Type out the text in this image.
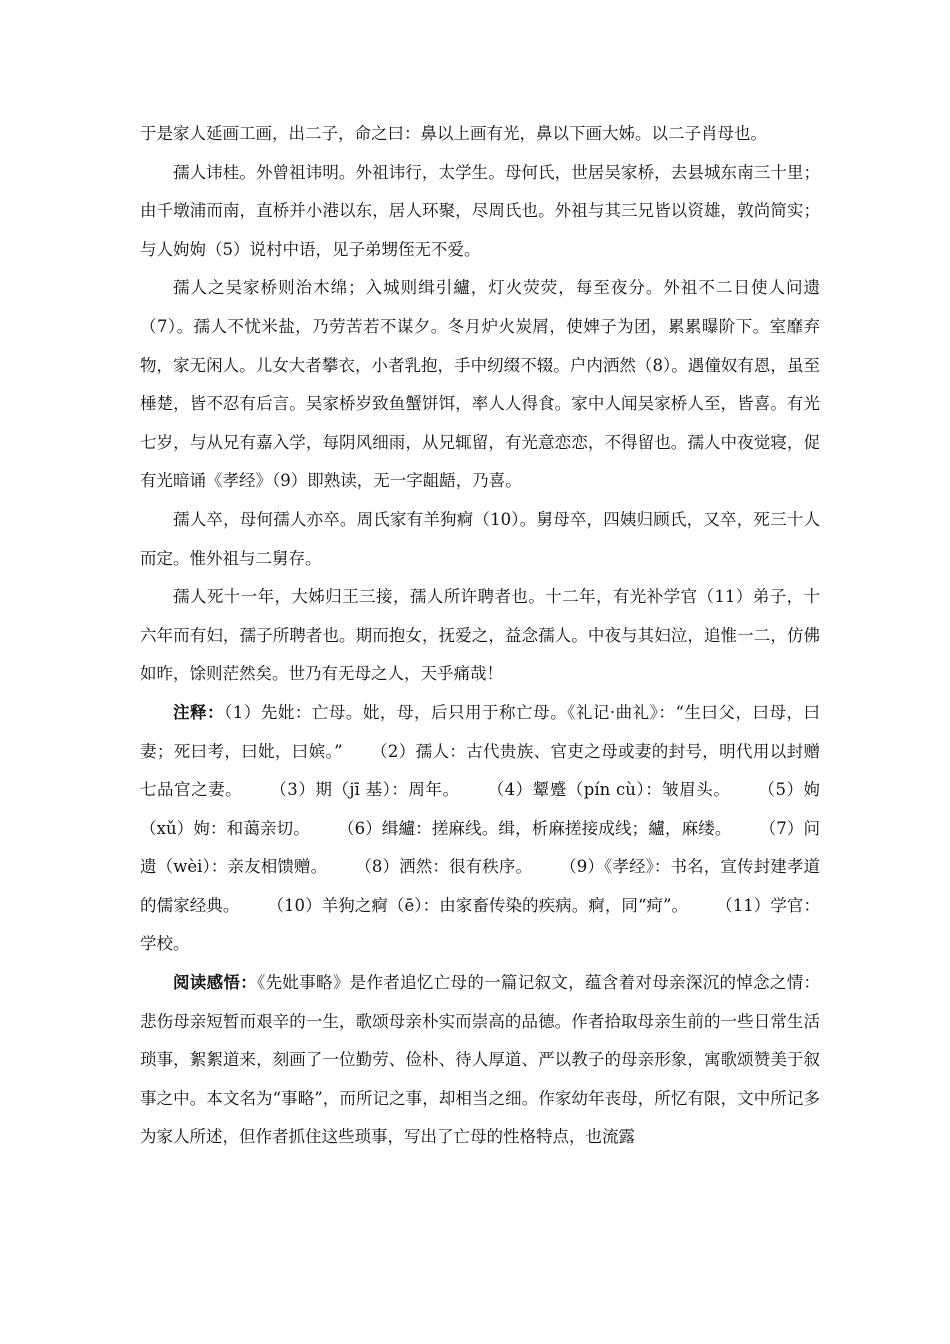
于是家人延画工画，出二子，命之曰：鼻以上画有光，鼻以下画大姊。以二子肖母也。

孺人讳桂。外曾祖讳明。外祖讳行，太学生。母何氏，世居吴家桥，去县城东南三十里；由千墩浦而南，直桥并小港以东，居人环聚，尽周氏也。外祖与其三兄皆以资雄，敦尚简实；与人姁姁（5）说村中语，见子弟甥侄无不爱。

孺人之吴家桥则治木绵；入城则缉引纑，灯火荧荧，每至夜分。外祖不二日使人问遗（7）。孺人不忧米盐，乃劳苦若不谋夕。冬月炉火炭屑，使婢子为团，累累曝阶下。室靡弃物，家无闲人。儿女大者攀衣，小者乳抱，手中纫缀不辍。户内洒然（8）。遇僮奴有恩，虽至棰楚，皆不忍有后言。吴家桥岁致鱼蟹饼饵，率人人得食。家中人闻吴家桥人至，皆喜。有光七岁，与从兄有嘉入学，每阴风细雨，从兄辄留，有光意恋恋，不得留也。孺人中夜觉寝，促有光暗诵《孝经》（9）即熟读，无一字龃龉，乃喜。

孺人卒，母何孺人亦卒。周氏家有羊狗痾（10）。舅母卒，四姨归顾氏，又卒，死三十人而定。惟外祖与二舅存。

孺人死十一年，大姊归王三接，孺人所许聘者也。十二年，有光补学官（11）弟子，十六年而有妇，孺子所聘者也。期而抱女，抚爱之，益念孺人。中夜与其妇泣，追惟一二，仿佛如昨，馀则茫然矣。世乃有无母之人，天乎痛哉！

注释：（1）先妣：亡母。妣，母，后只用于称亡母。《礼记·曲礼》：“生曰父，曰母，曰妻；死曰考，曰妣，曰嫔。” （2）孺人：古代贵族、官吏之母或妻的封号，明代用以封赠七品官之妻。 （3）期（jī 基）：周年。 （4）颦蹙（pín cù）：皱眉头。 （5）姁（xǔ）姁：和蔼亲切。 （6）缉纑：搓麻线。缉，析麻搓接成线；纑，麻缕。 （7）问遗（wèi）：亲友相馈赠。 （8）洒然：很有秩序。 （9）《孝经》：书名，宣传封建孝道的儒家经典。 （10）羊狗之痾（ē）：由家畜传染的疾病。痾，同“疴”。 （11）学官：学校。

阅读感悟：《先妣事略》是作者追忆亡母的一篇记叙文，蕴含着对母亲深沉的悼念之情：悲伤母亲短暂而艰辛的一生，歌颂母亲朴实而崇高的品德。作者拾取母亲生前的一些日常生活琐事，絮絮道来，刻画了一位勤劳、俭朴、待人厚道、严以教子的母亲形象，寓歌颂赞美于叙事之中。本文名为“事略”，而所记之事，却相当之细。作家幼年丧母，所忆有限，文中所记多为家人所述，但作者抓住这些琐事，写出了亡母的性格特点，也流露
